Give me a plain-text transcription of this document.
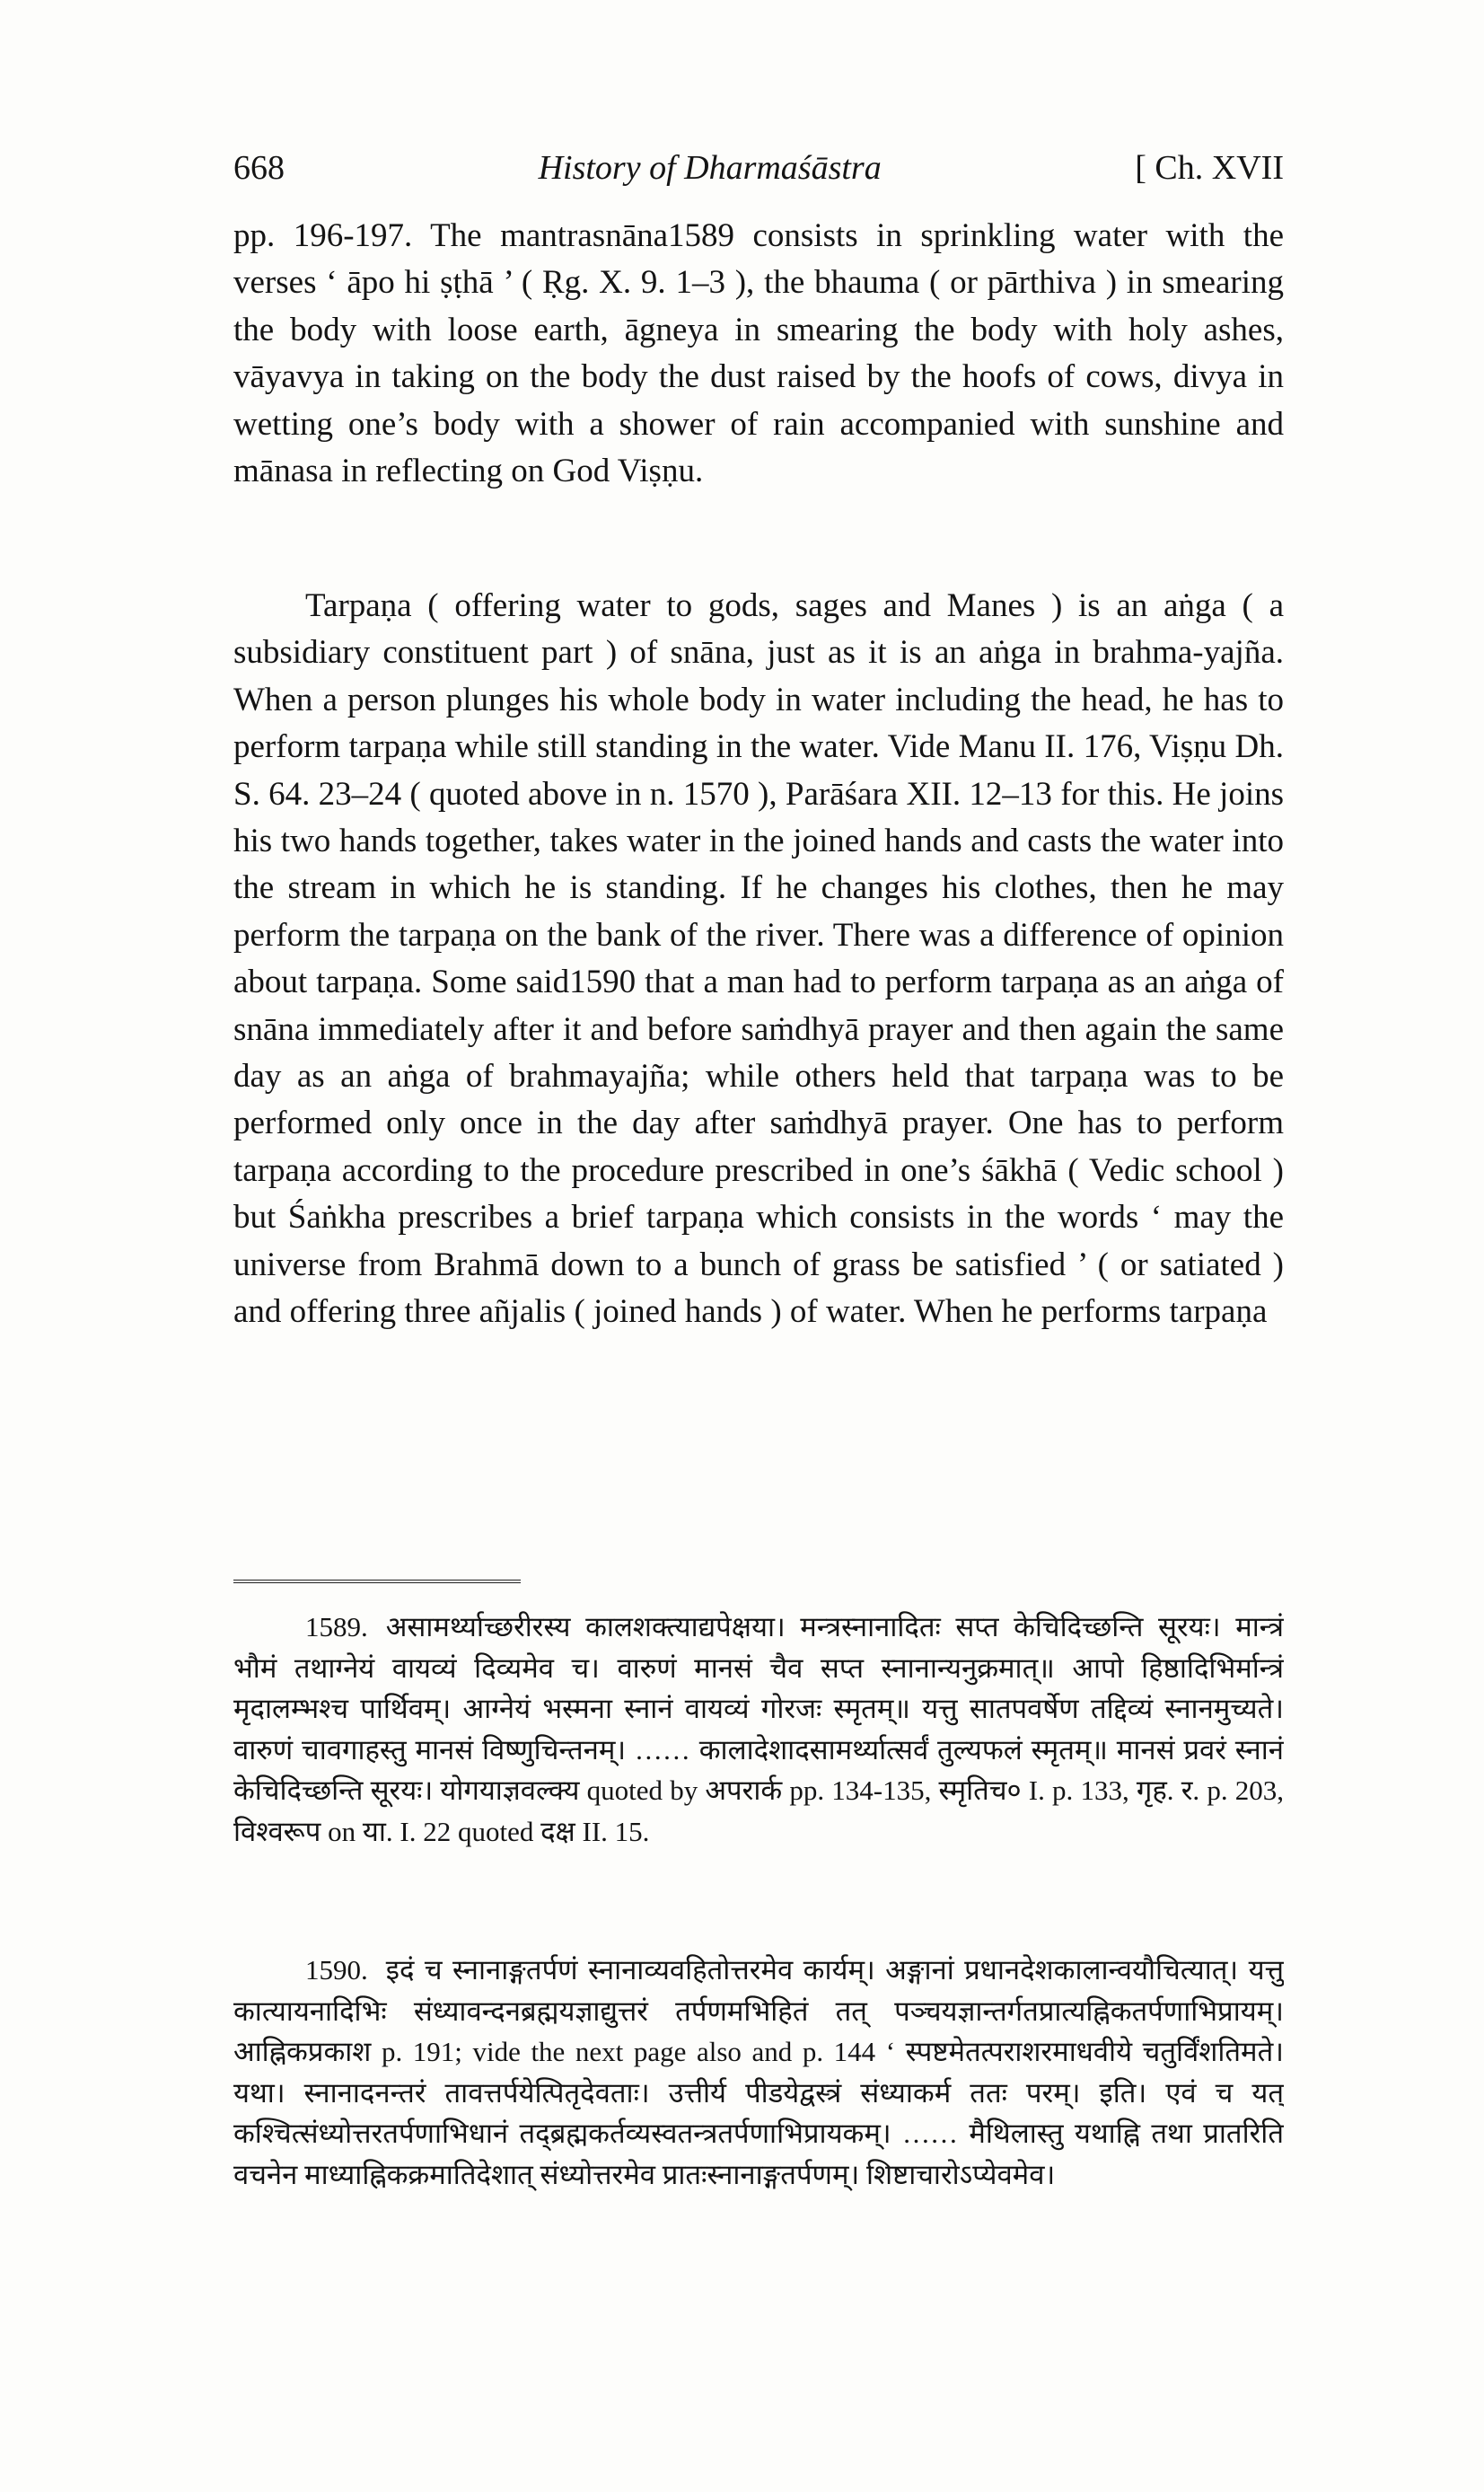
668	History of Dharmaśāstra	[ Ch. XVII

pp. 196-197. The mantrasnāna1589 consists in sprinkling water with the verses ‘ āpo hi ṣṭhā ’ ( Ṛg. X. 9. 1–3 ), the bhauma ( or pārthiva ) in smearing the body with loose earth, āgneya in smearing the body with holy ashes, vāyavya in taking on the body the dust raised by the hoofs of cows, divya in wetting one’s body with a shower of rain accompanied with sunshine and mānasa in reflecting on God Viṣṇu.

Tarpaṇa ( offering water to gods, sages and Manes ) is an aṅga ( a subsidiary constituent part ) of snāna, just as it is an aṅga in brahma-yajña. When a person plunges his whole body in water including the head, he has to perform tarpaṇa while still standing in the water. Vide Manu II. 176, Viṣṇu Dh. S. 64. 23–24 ( quoted above in n. 1570 ), Parāśara XII. 12–13 for this. He joins his two hands together, takes water in the joined hands and casts the water into the stream in which he is standing. If he changes his clothes, then he may perform the tarpaṇa on the bank of the river. There was a difference of opinion about tarpaṇa. Some said1590 that a man had to perform tarpaṇa as an aṅga of snāna immediately after it and before saṁdhyā prayer and then again the same day as an aṅga of brahmayajña; while others held that tarpaṇa was to be performed only once in the day after saṁdhyā prayer. One has to perform tarpaṇa according to the procedure prescribed in one’s śākhā ( Vedic school ) but Śaṅkha prescribes a brief tarpaṇa which consists in the words ‘ may the universe from Brahmā down to a bunch of grass be satisfied ’ ( or satiated ) and offering three añjalis ( joined hands ) of water. When he performs tarpaṇa

1589. असामर्थ्याच्छरीरस्य कालशक्त्याद्यपेक्षया। मन्त्रस्नानादितः सप्त केचिदिच्छन्ति सूरयः। मान्त्रं भौमं तथाग्नेयं वायव्यं दिव्यमेव च। वारुणं मानसं चैव सप्त स्नानान्यनुक्रमात्॥ आपो हिष्ठादिभिर्मान्त्रं मृदालम्भश्च पार्थिवम्। आग्नेयं भस्मना स्नानं वायव्यं गोरजः स्मृतम्॥ यत्तु सातपवर्षेण तद्दिव्यं स्नानमुच्यते। वारुणं चावगाहस्तु मानसं विष्णुचिन्तनम्। …… कालादेशादसामर्थ्यात्सर्वं तुल्यफलं स्मृतम्॥ मानसं प्रवरं स्नानं केचिदिच्छन्ति सूरयः। योगयाज्ञवल्क्य quoted by अपरार्क pp. 134-135, स्मृतिच० I. p. 133, गृह. र. p. 203, विश्वरूप on या. I. 22 quoted दक्ष II. 15.

1590. इदं च स्नानाङ्गतर्पणं स्नानाव्यवहितोत्तरमेव कार्यम्। अङ्गानां प्रधानदेशकालान्वयौचित्यात्। यत्तु कात्यायनादिभिः संध्यावन्दनब्रह्मयज्ञाद्युत्तरं तर्पणमभिहितं तत् पञ्चयज्ञान्तर्गतप्रात्यह्निकतर्पणाभिप्रायम्। आह्निकप्रकाश p. 191; vide the next page also and p. 144 ‘ स्पष्टमेतत्पराशरमाधवीये चतुर्विंशतिमते। यथा। स्नानादनन्तरं तावत्तर्पयेत्पितृदेवताः। उत्तीर्य पीडयेद्वस्त्रं संध्याकर्म ततः परम्। इति। एवं च यत् कश्चित्संध्योत्तरतर्पणाभिधानं तद्ब्रह्मकर्तव्यस्वतन्त्रतर्पणाभिप्रायकम्। …… मैथिलास्तु यथाह्नि तथा प्रातरिति वचनेन माध्याह्निकक्रमातिदेशात् संध्योत्तरमेव प्रातःस्नानाङ्गतर्पणम्। शिष्टाचारोऽप्येवमेव।
